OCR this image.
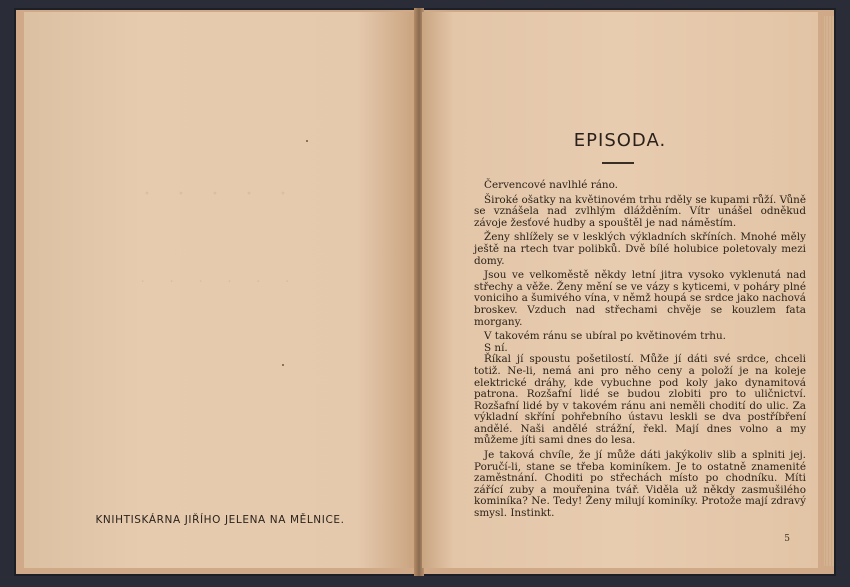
· · · · ·
· · · · · ·
KNIHTISKÁRNA JIŘÍHO JELENA NA MĚLNICE.
EPISODA.

Červencové navlhlé ráno.

Široké ošatky na květinovém trhu rděly se kupami růží. Vůně se vznášela nad zvlhlým dlážděním. Vítr unášel odněkud závoje žesťové hudby a spouštěl je nad náměstím.

Ženy shlížely se v lesklých výkladních skříních. Mnohé měly ještě na rtech tvar polibků. Dvě bílé holubice poletovaly mezi domy.

Jsou ve velkoměstě někdy letní jitra vysoko vyklenutá nad střechy a věže. Ženy mění se ve vázy s kyticemi, v poháry plné voniciho a šumivého vína, v němž houpá se srdce jako nachová broskev. Vzduch nad střechami chvěje se kouzlem fata morgany.

V takovém ránu se ubíral po květinovém trhu.

S ní.

Říkal jí spoustu pošetilostí. Může jí dáti své srdce, chceli totiž. Ne-li, nemá ani pro něho ceny a položí je na koleje elektrické dráhy, kde vybuchne pod koly jako dynamitová patrona. Rozšafní lidé se budou zlobiti pro to uličnictví. Rozšafní lidé by v takovém ránu ani neměli chodití do ulic. Za výkladní skříní pohřebního ústavu leskli se dva postříbření andělé. Naši andělé strážní, řekl. Mají dnes volno a my můžeme jíti sami dnes do lesa.

Je taková chvíle, že jí může dáti jakýkoliv slib a splniti jej. Poručí-li, stane se třeba kominíkem. Je to ostatně znamenité zaměstnání. Choditi po střechách místo po chodníku. Míti zářící zuby a mouřenina tvář. Viděla už někdy zasmušilého kominíka? Ne. Tedy! Ženy milují kominíky. Protože mají zdravý smysl. Instinkt.

5
